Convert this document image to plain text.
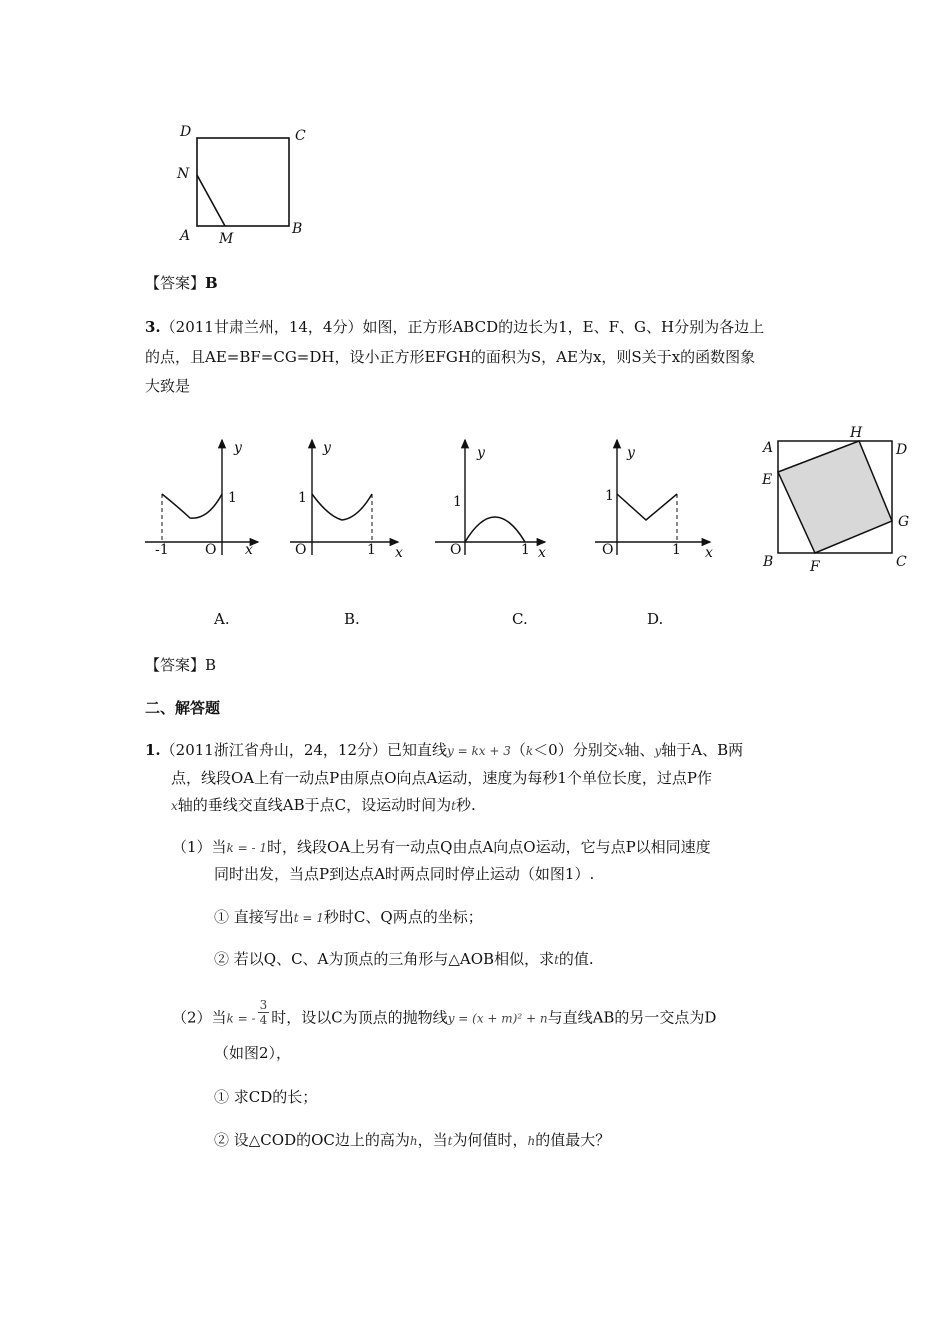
D	C
N
A M
B
【答案】B
3.（2011甘肃兰州，14，4分）如图，正方形ABCD的边长为1，E、F、G、H分别为各边上
的点，且AE=BF=CG=DH，设小正方形EFGH的面积为S，AE为x，则S关于x的函数图象
大致是
y
1
-1	O x
A.
y
1
O	1 x
B.
y
1
O	1 x
C.
y
1
O	1 x
D.
A
H
D
E
G
B	F	C
【答案】B
二、解答题
1.（2011浙江省舟山，24，12分）已知直线y = kx + 3（k＜0）分别交x轴、y轴于A、B两
点，线段OA上有一动点P由原点O向点A运动，速度为每秒1个单位长度，过点P作
x轴的垂线交直线AB于点C，设运动时间为t秒.
（1）当k = - 1时，线段OA上另有一动点Q由点A向点O运动，它与点P以相同速度
同时出发，当点P到达点A时两点同时停止运动（如图1）.
① 直接写出t = 1秒时C、Q两点的坐标；
② 若以Q、C、A为顶点的三角形与△AOB相似，求t的值.
（2）当k = - $\frac{3}{4}$ 时，设以C为顶点的抛物线y = (x + m)² + n与直线AB的另一交点为D
（如图2），
① 求CD的长；
② 设△COD的OC边上的高为h，当t为何值时，h的值最大？
